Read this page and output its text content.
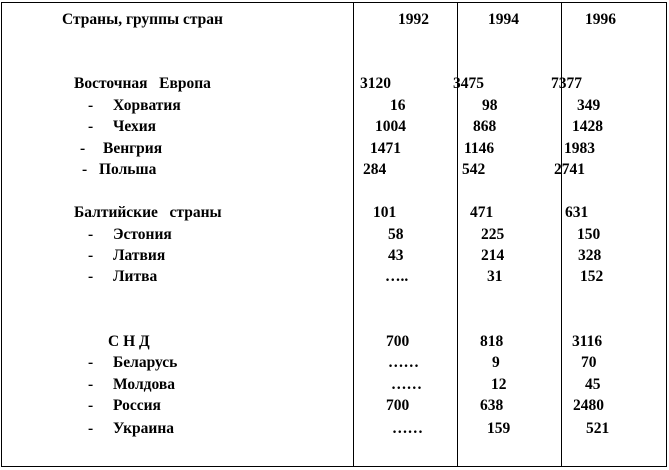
Страны, группы стран	1992	1994	1996
Восточная   Европа	3120	3475	7377
- Хорватия	16	98	349
- Чехия	1004	868	1428
- Венгрия	1471	1146	1983
- Польша	284	542	2741
Балтийские   страны	101	471	631
- Эстония	58	225	150
- Латвия	43	214	328
- Литва	…..	31	152
С Н Д	700	818	3116
- Беларусь	……	9	70
- Молдова	……	12	45
- Россия	700	638	2480
- Украина	……	159	521
